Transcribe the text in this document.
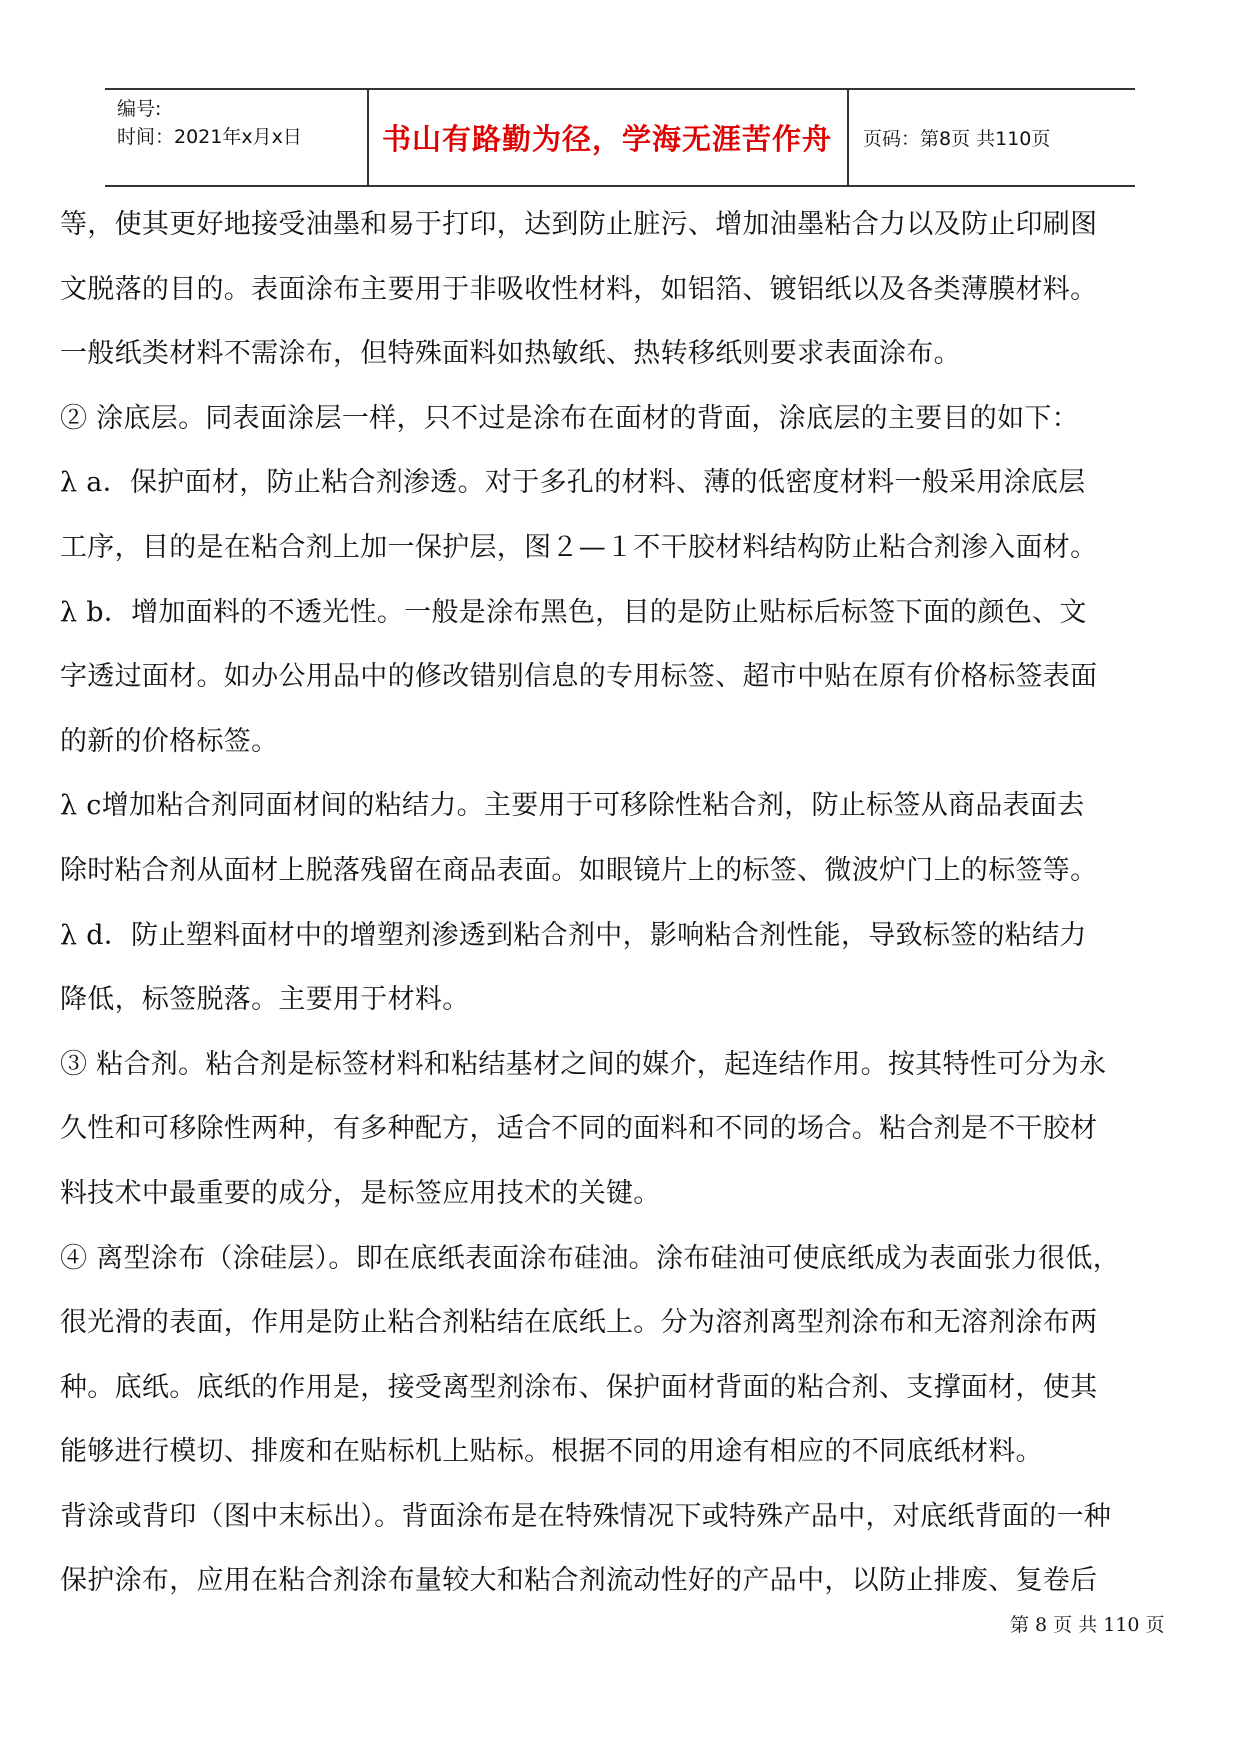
编号:
时间：2021年x月x日	书山有路勤为径，学海无涯苦作舟 页码：第8页 共110页
等，使其更好地接受油墨和易于打印，达到防止脏污、增加油墨粘合力以及防止印刷图
文脱落的目的。表面涂布主要用于非吸收性材料，如铝箔、镀铝纸以及各类薄膜材料。
一般纸类材料不需涂布，但特殊面料如热敏纸、热转移纸则要求表面涂布。
② 涂底层。同表面涂层一样，只不过是涂布在面材的背面，涂底层的主要目的如下：
λ a．保护面材，防止粘合剂渗透。对于多孔的材料、薄的低密度材料一般采用涂底层
工序，目的是在粘合剂上加一保护层，图２—１不干胶材料结构防止粘合剂渗入面材。
λ b．增加面料的不透光性。一般是涂布黑色，目的是防止贴标后标签下面的颜色、文
字透过面材。如办公用品中的修改错别信息的专用标签、超市中贴在原有价格标签表面
的新的价格标签。
λ c增加粘合剂同面材间的粘结力。主要用于可移除性粘合剂，防止标签从商品表面去
除时粘合剂从面材上脱落残留在商品表面。如眼镜片上的标签、微波炉门上的标签等。
λ d．防止塑料面材中的增塑剂渗透到粘合剂中，影响粘合剂性能，导致标签的粘结力
降低，标签脱落。主要用于材料。
③ 粘合剂。粘合剂是标签材料和粘结基材之间的媒介，起连结作用。按其特性可分为永
久性和可移除性两种，有多种配方，适合不同的面料和不同的场合。粘合剂是不干胶材
料技术中最重要的成分，是标签应用技术的关键。
④ 离型涂布（涂硅层）。即在底纸表面涂布硅油。涂布硅油可使底纸成为表面张力很低，
很光滑的表面，作用是防止粘合剂粘结在底纸上。分为溶剂离型剂涂布和无溶剂涂布两
种。底纸。底纸的作用是，接受离型剂涂布、保护面材背面的粘合剂、支撑面材，使其
能够进行模切、排废和在贴标机上贴标。根据不同的用途有相应的不同底纸材料。
背涂或背印（图中末标出）。背面涂布是在特殊情况下或特殊产品中，对底纸背面的一种
保护涂布，应用在粘合剂涂布量较大和粘合剂流动性好的产品中，以防止排废、复卷后
第 8 页 共 110 页
